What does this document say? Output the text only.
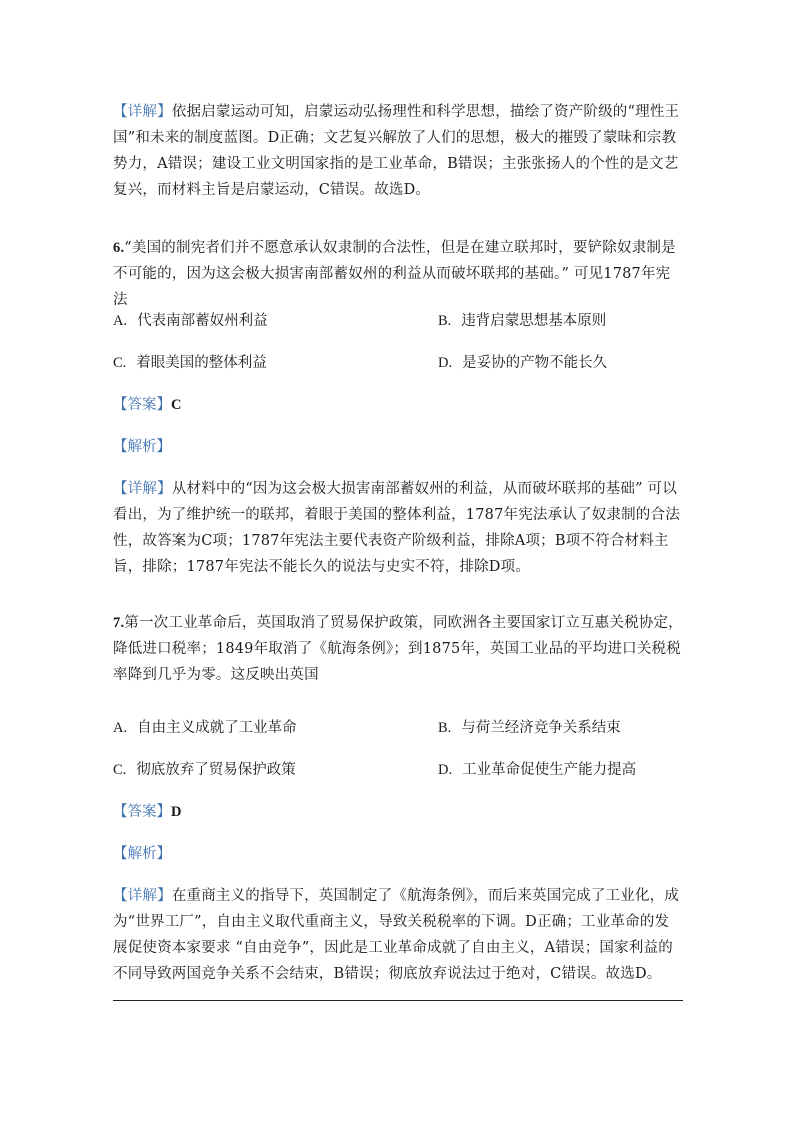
【详解】依据启蒙运动可知，启蒙运动弘扬理性和科学思想，描绘了资产阶级的“理性王国”和未来的制度蓝图。D正确；文艺复兴解放了人们的思想，极大的摧毁了蒙昧和宗教势力，A错误；建设工业文明国家指的是工业革命，B错误；主张张扬人的个性的是文艺复兴，而材料主旨是启蒙运动，C错误。故选D。

6.“美国的制宪者们并不愿意承认奴隶制的合法性，但是在建立联邦时，要铲除奴隶制是不可能的，因为这会极大损害南部蓄奴州的利益从而破坏联邦的基础。” 可见1787年宪法

A. 代表南部蓄奴州利益	B. 违背启蒙思想基本原则
C. 着眼美国的整体利益	D. 是妥协的产物不能长久
【答案】C
【解析】

【详解】从材料中的“因为这会极大损害南部蓄奴州的利益，从而破坏联邦的基础” 可以看出，为了维护统一的联邦，着眼于美国的整体利益，1787年宪法承认了奴隶制的合法性，故答案为C项；1787年宪法主要代表资产阶级利益，排除A项；B项不符合材料主旨，排除；1787年宪法不能长久的说法与史实不符，排除D项。

7.第一次工业革命后，英国取消了贸易保护政策，同欧洲各主要国家订立互惠关税协定，降低进口税率；1849年取消了《航海条例》；到1875年，英国工业品的平均进口关税税率降到几乎为零。这反映出英国

A. 自由主义成就了工业革命	B. 与荷兰经济竞争关系结束
C. 彻底放弃了贸易保护政策	D. 工业革命促使生产能力提高
【答案】D
【解析】

【详解】在重商主义的指导下，英国制定了《航海条例》，而后来英国完成了工业化，成为“世界工厂”，自由主义取代重商主义，导致关税税率的下调。D正确；工业革命的发展促使资本家要求 “自由竞争”，因此是工业革命成就了自由主义，A错误；国家利益的不同导致两国竞争关系不会结束，B错误；彻底放弃说法过于绝对，C错误。故选D。
